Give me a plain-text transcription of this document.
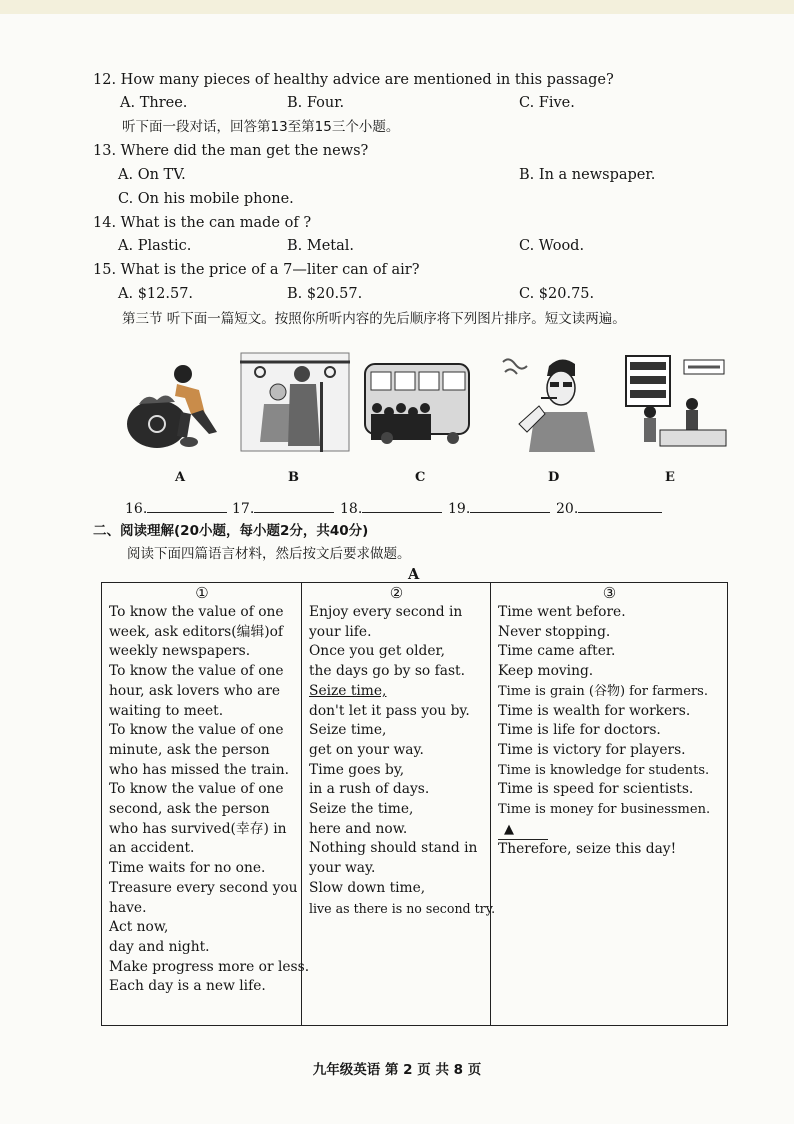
12. How many pieces of healthy advice are mentioned in this passage?
A. Three.	B. Four.	C. Five.
听下面一段对话，回答第13至第15三个小题。
13. Where did the man get the news?
A. On TV.	B. In a newspaper.
C. On his mobile phone.
14. What is the can made of ?
A. Plastic.	B. Metal.	C. Wood.
15. What is the price of a 7—liter can of air?
A. $12.57.	B. $20.57.	C. $20.75.
第三节 听下面一篇短文。按照你所听内容的先后顺序将下列图片排序。短文读两遍。
A	B	C	D	E
16.	17.	18.	19.	20.
二、阅读理解(20小题，每小题2分，共40分)
阅读下面四篇语言材料，然后按文后要求做题。
A
①
To know the value of one
week, ask editors(编辑)of
weekly newspapers.
To know the value of one
hour, ask lovers who are
waiting to meet.
To know the value of one
minute, ask the person
who has missed the train.
To know the value of one
second, ask the person
who has survived(幸存) in
an accident.
Time waits for no one.
Treasure every second you
have.
Act now,
day and night.
Make progress more or less.
Each day is a new life.

②
Enjoy every second in
your life.
Once you get older,
the days go by so fast.
Seize time,
don't let it pass you by.
Seize time,
get on your way.
Time goes by,
in a rush of days.
Seize the time,
here and now.
Nothing should stand in
your way.
Slow down time,
live as there is no second try.

③
Time went before.
Never stopping.
Time came after.
Keep moving.
Time is grain (谷物) for farmers.
Time is wealth for workers.
Time is life for doctors.
Time is victory for players.
Time is knowledge for students.
Time is speed for scientists.
Time is money for businessmen.
▲
Therefore, seize this day!
九年级英语 第 2 页 共 8 页
